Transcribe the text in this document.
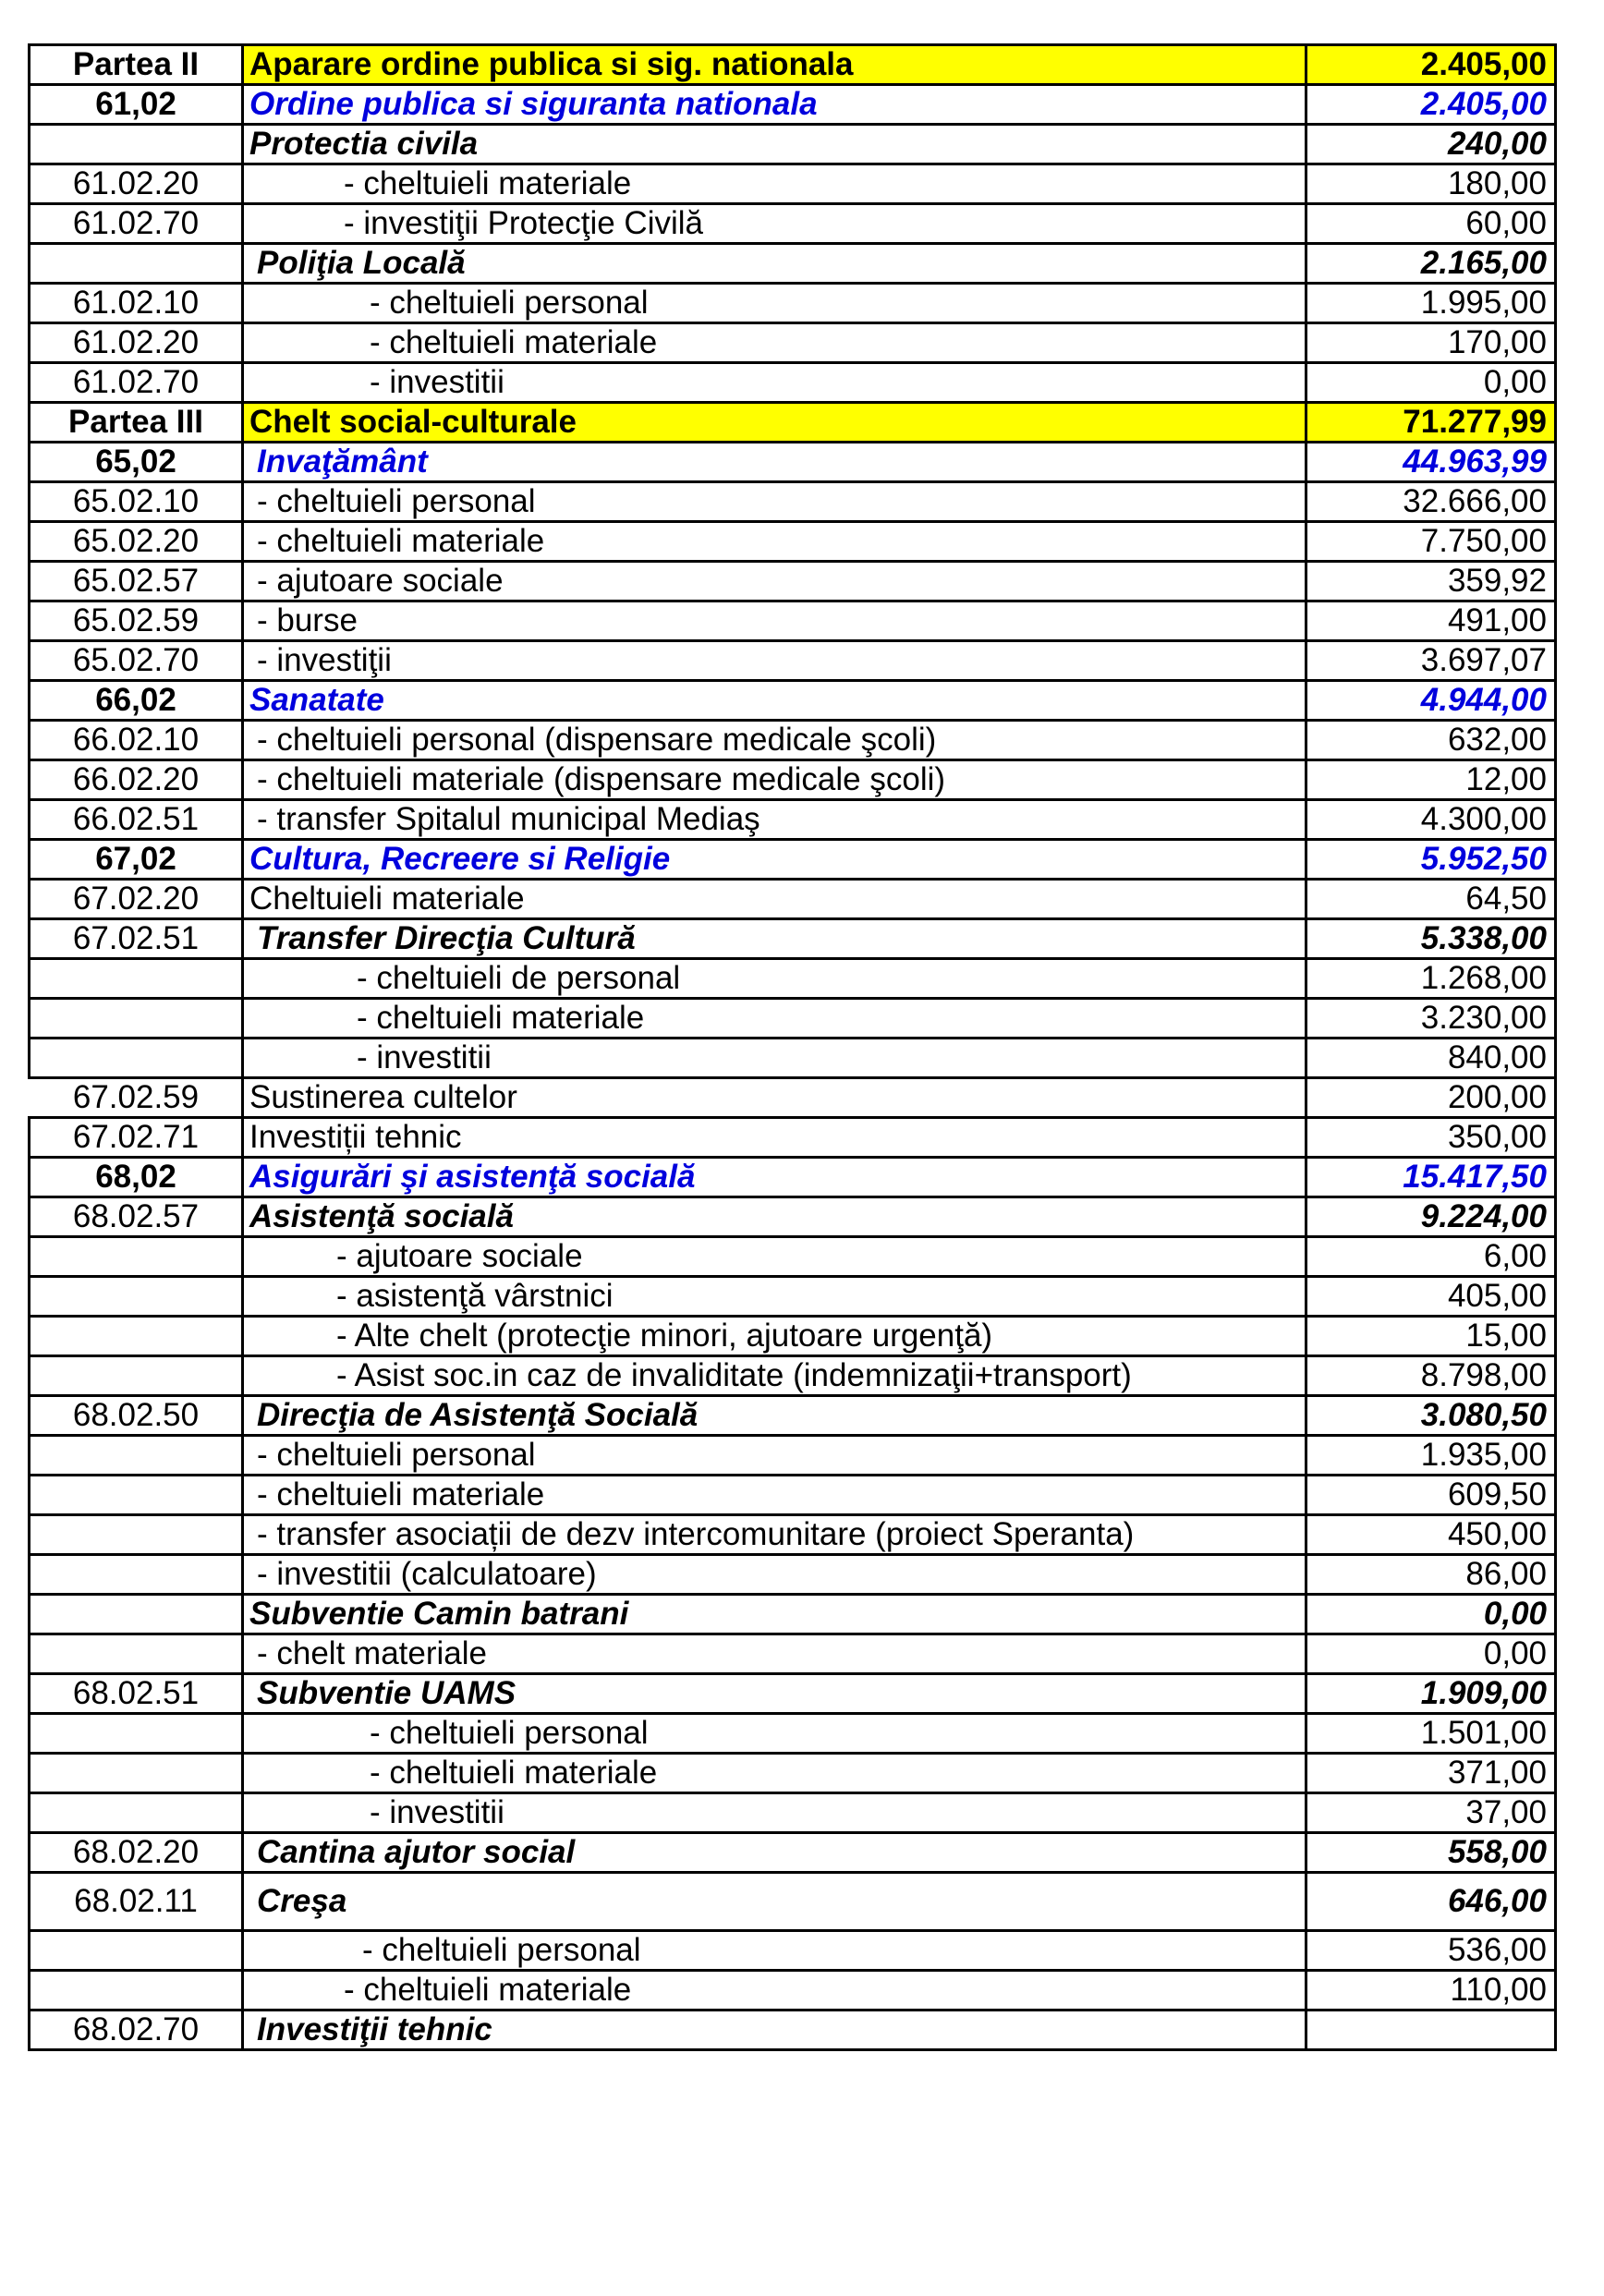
Partea II	Aparare ordine publica si sig. nationala	2.405,00
61,02	Ordine publica si siguranta nationala	2.405,00
	Protectia civila	240,00
61.02.20	- cheltuieli materiale	180,00
61.02.70	- investiţii Protecţie Civilă	60,00
	Poliţia Locală	2.165,00
61.02.10	- cheltuieli personal	1.995,00
61.02.20	- cheltuieli materiale	170,00
61.02.70	- investitii	0,00
Partea III	Chelt social-culturale	71.277,99
65,02	Invaţământ	44.963,99
65.02.10	- cheltuieli personal	32.666,00
65.02.20	- cheltuieli materiale	7.750,00
65.02.57	- ajutoare sociale	359,92
65.02.59	- burse	491,00
65.02.70	- investiţii	3.697,07
66,02	Sanatate	4.944,00
66.02.10	- cheltuieli personal (dispensare medicale şcoli)	632,00
66.02.20	- cheltuieli materiale (dispensare medicale şcoli)	12,00
66.02.51	- transfer Spitalul municipal Mediaş	4.300,00
67,02	Cultura, Recreere si Religie	5.952,50
67.02.20	Cheltuieli materiale	64,50
67.02.51	Transfer Direcţia Cultură	5.338,00
	- cheltuieli de personal	1.268,00
	- cheltuieli materiale	3.230,00
	- investitii	840,00
67.02.59	Sustinerea cultelor	200,00
67.02.71	Investiții tehnic	350,00
68,02	Asigurări şi asistenţă socială	15.417,50
68.02.57	Asistenţă socială	9.224,00
	- ajutoare sociale	6,00
	- asistenţă vârstnici	405,00
	- Alte chelt (protecţie minori, ajutoare urgenţă)	15,00
	- Asist soc.in caz de invaliditate (indemnizaţii+transport)	8.798,00
68.02.50	Direcţia de Asistenţă Socială	3.080,50
	- cheltuieli personal	1.935,00
	- cheltuieli materiale	609,50
	- transfer asociații de dezv intercomunitare (proiect Speranta)	450,00
	- investitii (calculatoare)	86,00
	Subventie Camin batrani	0,00
	- chelt materiale	0,00
68.02.51	Subventie UAMS	1.909,00
	- cheltuieli personal	1.501,00
	- cheltuieli materiale	371,00
	- investitii	37,00
68.02.20	Cantina ajutor social	558,00
68.02.11	Creşa	646,00
	- cheltuieli personal	536,00
	- cheltuieli materiale	110,00
68.02.70	Investiţii tehnic	
